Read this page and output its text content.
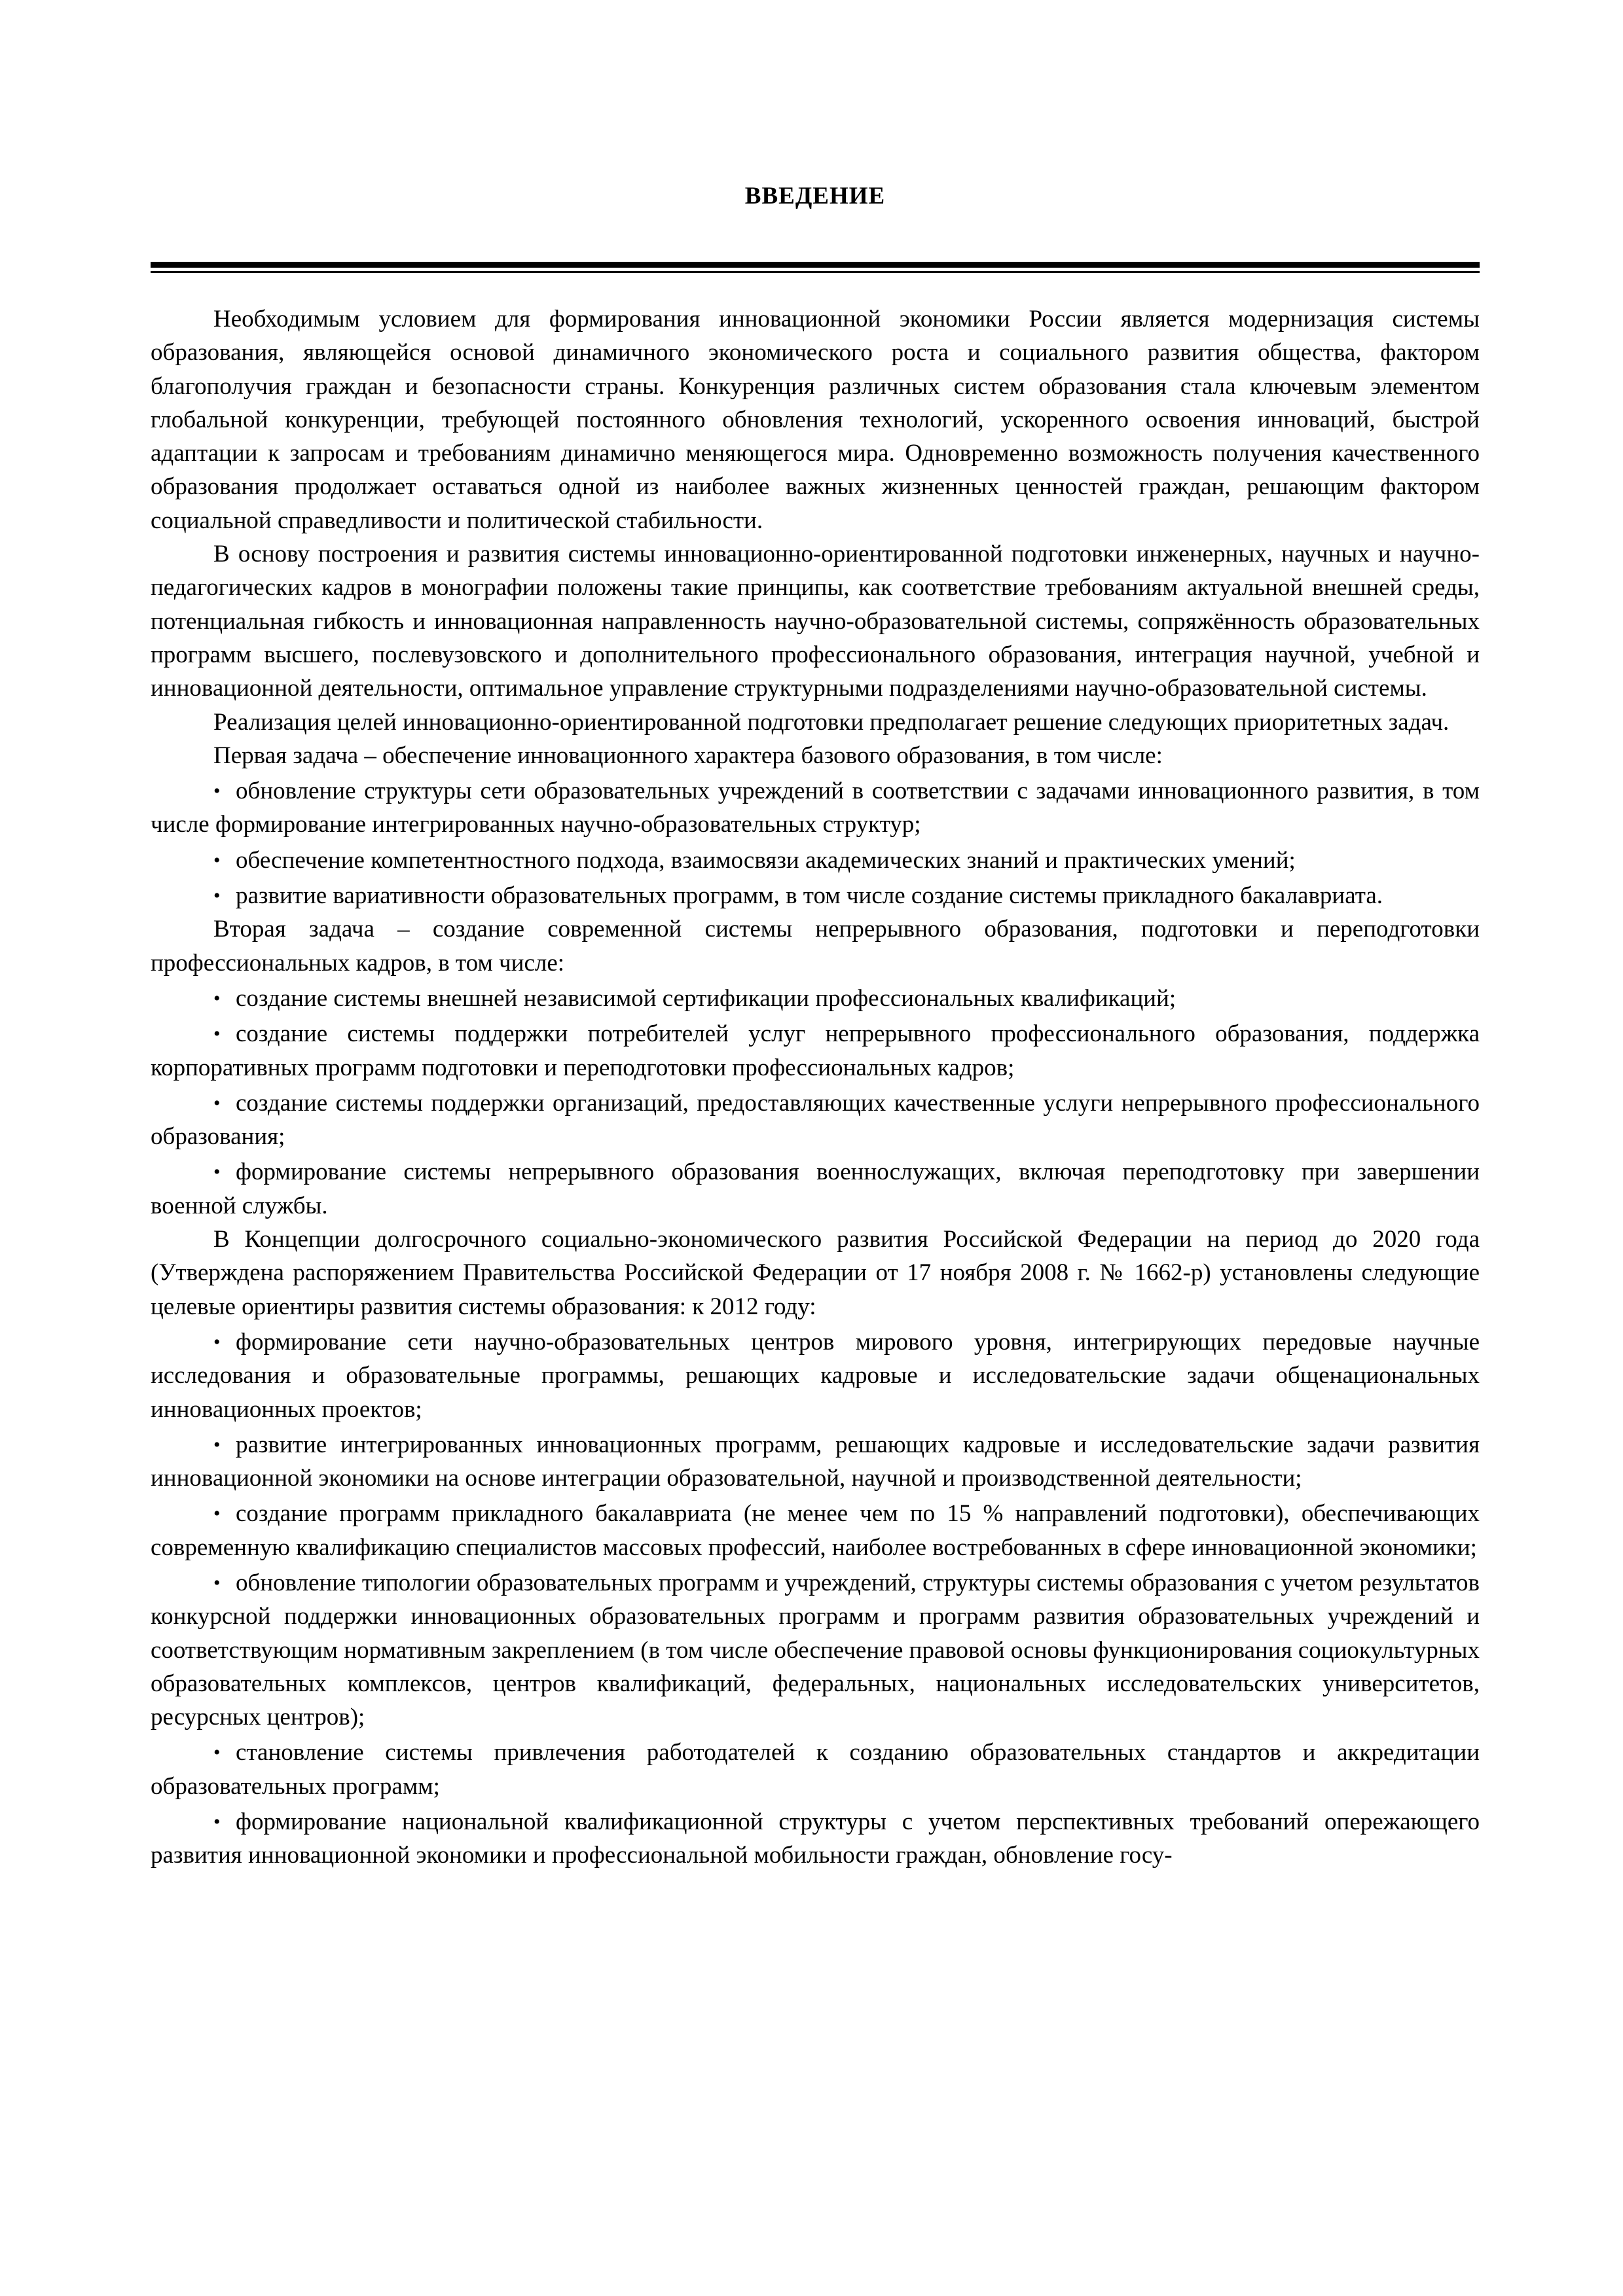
ВВЕДЕНИЕ

Необходимым условием для формирования инновационной экономики России является модернизация системы образования, являющейся основой динамичного экономического роста и социального развития общества, фактором благополучия граждан и безопасности страны. Конкуренция различных систем образования стала ключевым элементом глобальной конкуренции, требующей постоянного обновления технологий, ускоренного освоения инноваций, быстрой адаптации к запросам и требованиям динамично меняющегося мира. Одновременно возможность получения качественного образования продолжает оставаться одной из наиболее важных жизненных ценностей граждан, решающим фактором социальной справедливости и политической стабильности.

В основу построения и развития системы инновационно-ориентированной подготовки инженерных, научных и научно-педагогических кадров в монографии положены такие принципы, как соответствие требованиям актуальной внешней среды, потенциальная гибкость и инновационная направленность научно-образовательной системы, сопряжённость образовательных программ высшего, послевузовского и дополнительного профессионального образования, интеграция научной, учебной и инновационной деятельности, оптимальное управление структурными подразделениями научно-образовательной системы.

Реализация целей инновационно-ориентированной подготовки предполагает решение следующих приоритетных задач.

Первая задача – обеспечение инновационного характера базового образования, в том числе:

• обновление структуры сети образовательных учреждений в соответствии с задачами инновационного развития, в том числе формирование интегрированных научно-образовательных структур;

• обеспечение компетентностного подхода, взаимосвязи академических знаний и практических умений;

• развитие вариативности образовательных программ, в том числе создание системы прикладного бакалавриата.

Вторая задача – создание современной системы непрерывного образования, подготовки и переподготовки профессиональных кадров, в том числе:

• создание системы внешней независимой сертификации профессиональных квалификаций;

• создание системы поддержки потребителей услуг непрерывного профессионального образования, поддержка корпоративных программ подготовки и переподготовки профессиональных кадров;

• создание системы поддержки организаций, предоставляющих качественные услуги непрерывного профессионального образования;

• формирование системы непрерывного образования военнослужащих, включая переподготовку при завершении военной службы.

В Концепции долгосрочного социально-экономического развития Российской Федерации на период до 2020 года (Утверждена распоряжением Правительства Российской Федерации от 17 ноября 2008 г. № 1662-р) установлены следующие целевые ориентиры развития системы образования: к 2012 году:

• формирование сети научно-образовательных центров мирового уровня, интегрирующих передовые научные исследования и образовательные программы, решающих кадровые и исследовательские задачи общенациональных инновационных проектов;

• развитие интегрированных инновационных программ, решающих кадровые и исследовательские задачи развития инновационной экономики на основе интеграции образовательной, научной и производственной деятельности;

• создание программ прикладного бакалавриата (не менее чем по 15 % направлений подготовки), обеспечивающих современную квалификацию специалистов массовых профессий, наиболее востребованных в сфере инновационной экономики;

• обновление типологии образовательных программ и учреждений, структуры системы образования с учетом результатов конкурсной поддержки инновационных образовательных программ и программ развития образовательных учреждений и соответствующим нормативным закреплением (в том числе обеспечение правовой основы функционирования социокультурных образовательных комплексов, центров квалификаций, федеральных, национальных исследовательских университетов, ресурсных центров);

• становление системы привлечения работодателей к созданию образовательных стандартов и аккредитации образовательных программ;

• формирование национальной квалификационной структуры с учетом перспективных требований опережающего развития инновационной экономики и профессиональной мобильности граждан, обновление госу-
